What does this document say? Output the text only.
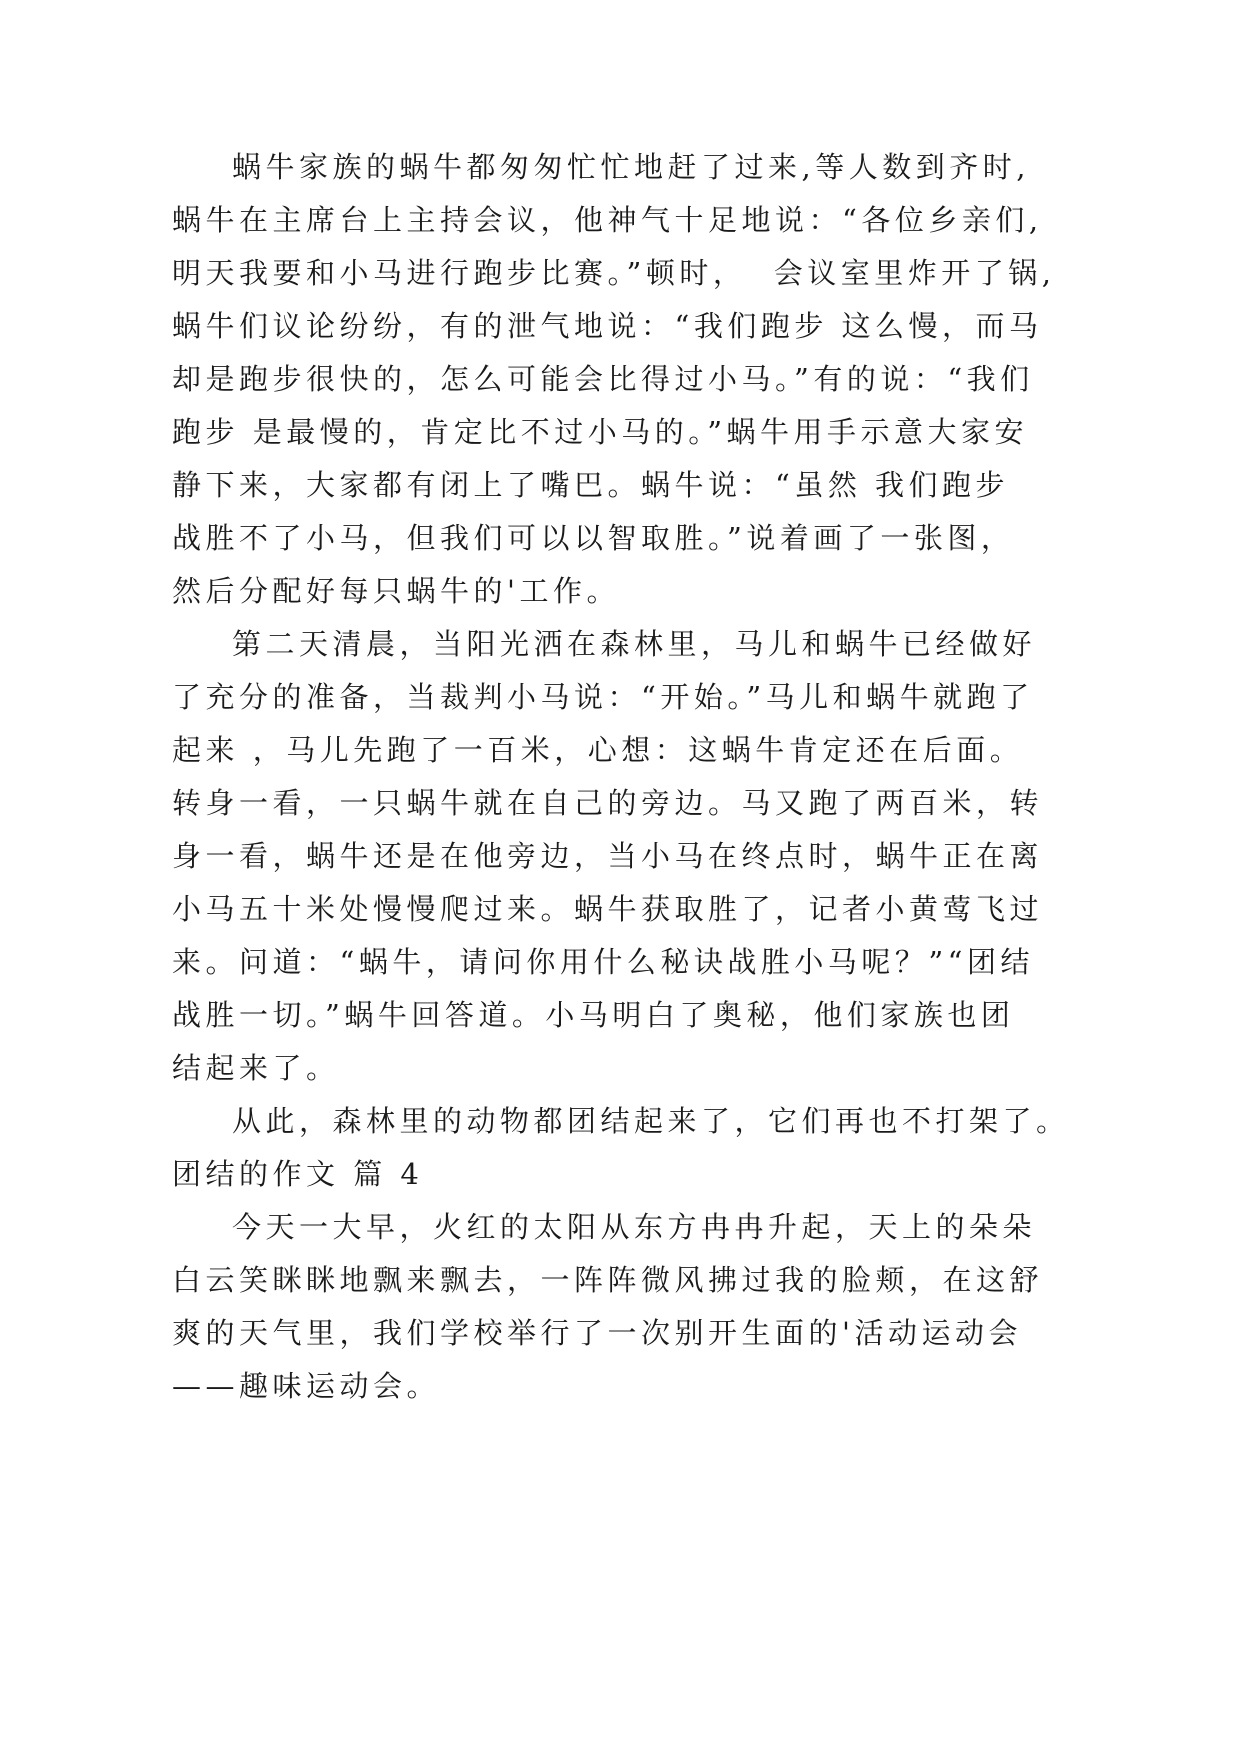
蜗牛家族的蜗牛都匆匆忙忙地赶了过来,等人数到齐时,
蜗牛在主席台上主持会议，他神气十足地说：“各位乡亲们,
明天我要和小马进行跑步比赛。”顿时，  会议室里炸开了锅,
蜗牛们议论纷纷，有的泄气地说：“我们跑步 这么慢，而马
却是跑步很快的，怎么可能会比得过小马。”有的说：“我们
跑步 是最慢的，肯定比不过小马的。”蜗牛用手示意大家安
静下来，大家都有闭上了嘴巴。蜗牛说：“虽然 我们跑步
战胜不了小马，但我们可以以智取胜。”说着画了一张图，
然后分配好每只蜗牛的'工作。
第二天清晨，当阳光洒在森林里，马儿和蜗牛已经做好
了充分的准备，当裁判小马说：“开始。”马儿和蜗牛就跑了
起来 ，马儿先跑了一百米，心想：这蜗牛肯定还在后面。
转身一看，一只蜗牛就在自己的旁边。马又跑了两百米，转
身一看，蜗牛还是在他旁边，当小马在终点时，蜗牛正在离
小马五十米处慢慢爬过来。蜗牛获取胜了，记者小黄莺飞过
来。问道：“蜗牛，请问你用什么秘诀战胜小马呢？”“团结
战胜一切。”蜗牛回答道。小马明白了奥秘，他们家族也团
结起来了。
从此，森林里的动物都团结起来了，它们再也不打架了。
团结的作文 篇 4
今天一大早，火红的太阳从东方冉冉升起，天上的朵朵
白云笑眯眯地飘来飘去，一阵阵微风拂过我的脸颊，在这舒
爽的天气里，我们学校举行了一次别开生面的'活动运动会
——趣味运动会。
